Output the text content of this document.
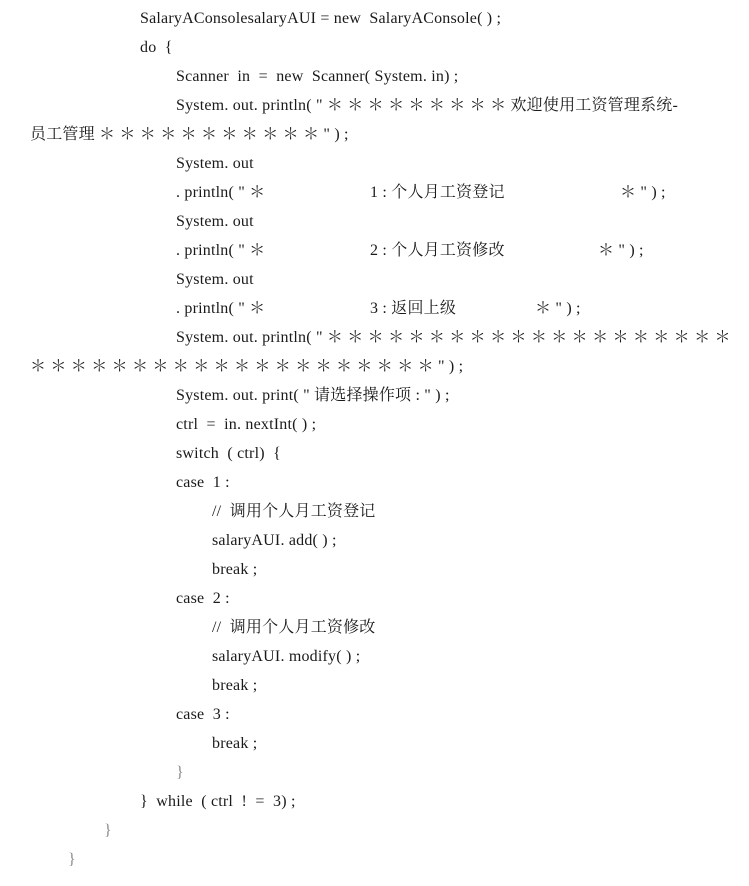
SalaryAConsolesalaryAUI = new  SalaryAConsole( ) ;
do  {
Scanner  in  =  new  Scanner( System. in) ;
System. out. println( " ＊ ＊ ＊ ＊ ＊ ＊ ＊ ＊ ＊ 欢迎使用工资管理系统-
员工管理 ＊ ＊ ＊ ＊ ＊ ＊ ＊ ＊ ＊ ＊ ＊ " ) ;
System. out
. println( " ＊	1 : 个人月工资登记	＊ " ) ;
System. out
. println( " ＊	2 : 个人月工资修改	＊ " ) ;
System. out
. println( " ＊	3 : 返回上级	＊ " ) ;
System. out. println( " ＊ ＊ ＊ ＊ ＊ ＊ ＊ ＊ ＊ ＊ ＊ ＊ ＊ ＊ ＊ ＊ ＊ ＊ ＊ ＊
＊ ＊ ＊ ＊ ＊ ＊ ＊ ＊ ＊ ＊ ＊ ＊ ＊ ＊ ＊ ＊ ＊ ＊ ＊ ＊ " ) ;
System. out. print( " 请选择操作项 : " ) ;
ctrl  =  in. nextInt( ) ;
switch  ( ctrl)  {
case  1 :
//  调用个人月工资登记
salaryAUI. add( ) ;
break ;
case  2 :
//  调用个人月工资修改
salaryAUI. modify( ) ;
break ;
case  3 :
break ;
}
}  while  ( ctrl  !  =  3) ;
}
}
